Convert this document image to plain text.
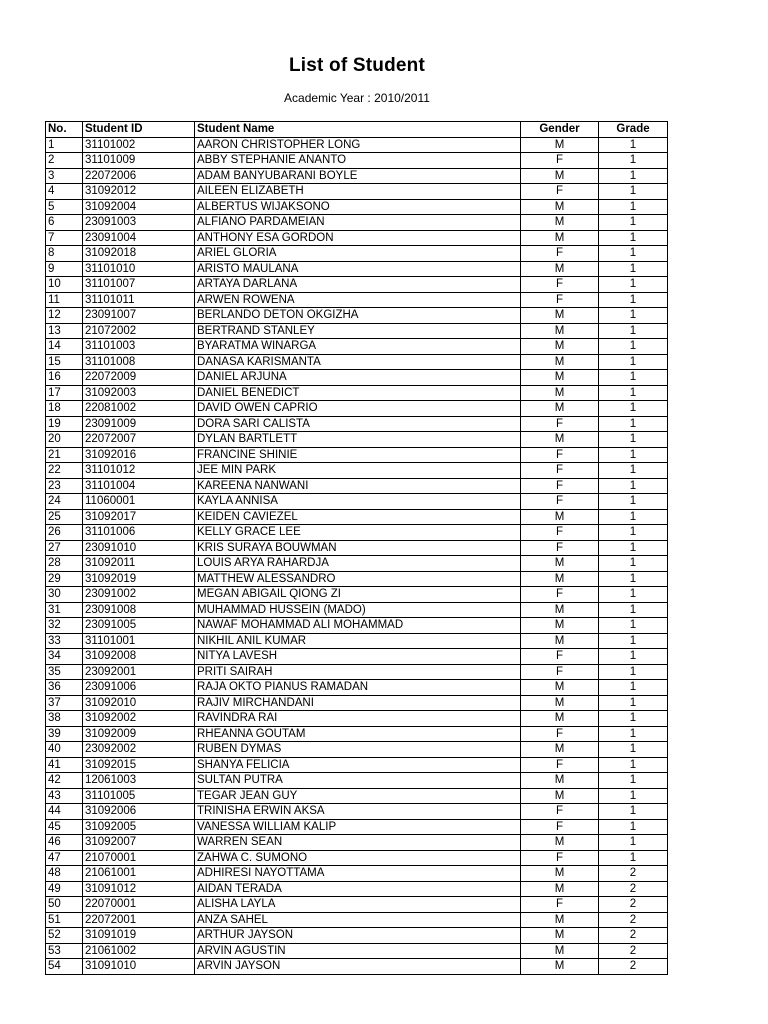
List of Student
Academic Year : 2010/2011
No.	Student ID	Student Name	Gender	Grade
1	31101002	AARON CHRISTOPHER LONG	M	1
2	31101009	ABBY STEPHANIE ANANTO	F	1
3	22072006	ADAM BANYUBARANI BOYLE	M	1
4	31092012	AILEEN ELIZABETH	F	1
5	31092004	ALBERTUS WIJAKSONO	M	1
6	23091003	ALFIANO PARDAMEIAN	M	1
7	23091004	ANTHONY ESA GORDON	M	1
8	31092018	ARIEL GLORIA	F	1
9	31101010	ARISTO MAULANA	M	1
10	31101007	ARTAYA DARLANA	F	1
11	31101011	ARWEN ROWENA	F	1
12	23091007	BERLANDO DETON OKGIZHA	M	1
13	21072002	BERTRAND STANLEY	M	1
14	31101003	BYARATMA WINARGA	M	1
15	31101008	DANASA KARISMANTA	M	1
16	22072009	DANIEL ARJUNA	M	1
17	31092003	DANIEL BENEDICT	M	1
18	22081002	DAVID OWEN CAPRIO	M	1
19	23091009	DORA SARI CALISTA	F	1
20	22072007	DYLAN BARTLETT	M	1
21	31092016	FRANCINE SHINIE	F	1
22	31101012	JEE MIN PARK	F	1
23	31101004	KAREENA NANWANI	F	1
24	11060001	KAYLA ANNISA	F	1
25	31092017	KEIDEN CAVIEZEL	M	1
26	31101006	KELLY GRACE LEE	F	1
27	23091010	KRIS SURAYA BOUWMAN	F	1
28	31092011	LOUIS ARYA RAHARDJA	M	1
29	31092019	MATTHEW ALESSANDRO	M	1
30	23091002	MEGAN ABIGAIL QIONG ZI	F	1
31	23091008	MUHAMMAD HUSSEIN (MADO)	M	1
32	23091005	NAWAF MOHAMMAD ALI MOHAMMAD	M	1
33	31101001	NIKHIL ANIL KUMAR	M	1
34	31092008	NITYA LAVESH	F	1
35	23092001	PRITI SAIRAH	F	1
36	23091006	RAJA OKTO PIANUS RAMADAN	M	1
37	31092010	RAJIV MIRCHANDANI	M	1
38	31092002	RAVINDRA RAI	M	1
39	31092009	RHEANNA GOUTAM	F	1
40	23092002	RUBEN DYMAS	M	1
41	31092015	SHANYA FELICIA	F	1
42	12061003	SULTAN PUTRA	M	1
43	31101005	TEGAR JEAN GUY	M	1
44	31092006	TRINISHA ERWIN AKSA	F	1
45	31092005	VANESSA WILLIAM KALIP	F	1
46	31092007	WARREN SEAN	M	1
47	21070001	ZAHWA C. SUMONO	F	1
48	21061001	ADHIRESI NAYOTTAMA	M	2
49	31091012	AIDAN TERADA	M	2
50	22070001	ALISHA LAYLA	F	2
51	22072001	ANZA SAHEL	M	2
52	31091019	ARTHUR JAYSON	M	2
53	21061002	ARVIN AGUSTIN	M	2
54	31091010	ARVIN JAYSON	M	2
